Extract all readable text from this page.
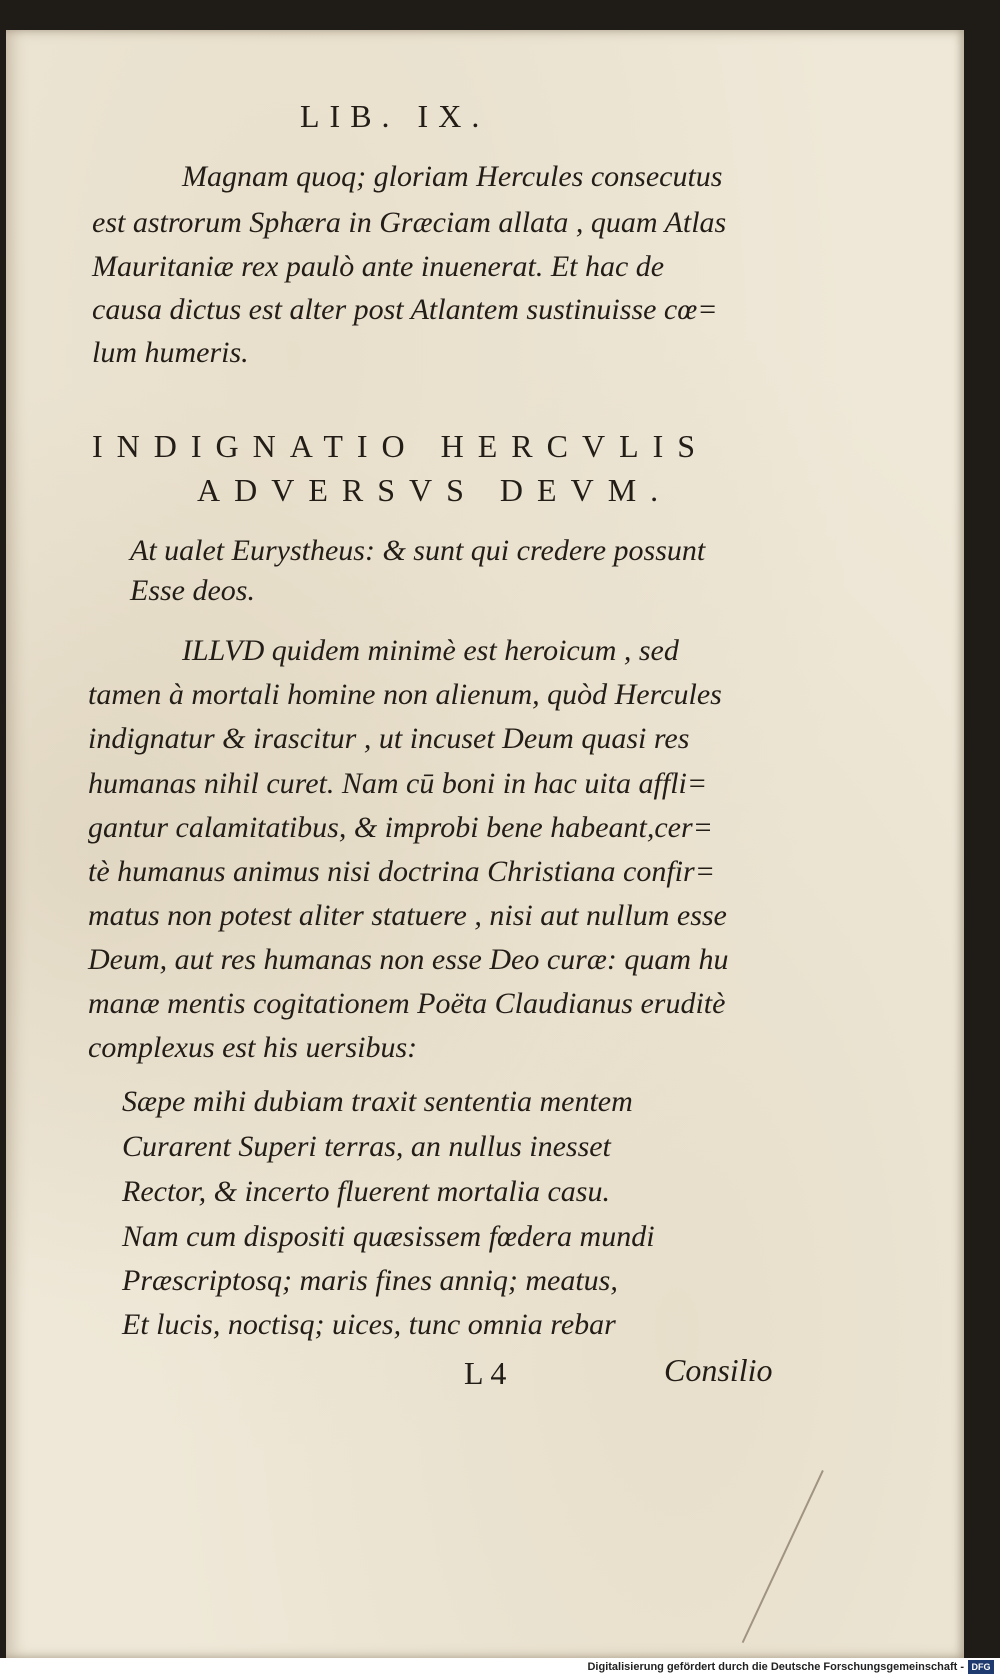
LIB. IX.
Magnam quoq; gloriam Hercules consecutus
est astrorum Sphæra in Græciam allata , quam Atlas
Mauritaniæ rex paulò ante inuenerat. Et hac de
causa dictus est alter post Atlantem sustinuisse cœ=
lum humeris.
INDIGNATIO HERCVLIS
ADVERSVS DEVM.
At ualet Eurystheus: & sunt qui credere possunt
Esse deos.
ILLVD quidem minimè est heroicum , sed
tamen à mortali homine non alienum, quòd Hercules
indignatur & irascitur , ut incuset Deum quasi res
humanas nihil curet. Nam cū boni in hac uita affli=
gantur calamitatibus, & improbi bene habeant,cer=
tè humanus animus nisi doctrina Christiana confir=
matus non potest aliter statuere , nisi aut nullum esse
Deum, aut res humanas non esse Deo curæ: quam hu
manæ mentis cogitationem Poëta Claudianus eruditè
complexus est his uersibus:
Sæpe mihi dubiam traxit sententia mentem
Curarent Superi terras, an nullus inesset
Rector, & incerto fluerent mortalia casu.
Nam cum dispositi quæsissem fœdera mundi
Præscriptosq; maris fines anniq; meatus,
Et lucis, noctisq; uices, tunc omnia rebar
L 4	Consilio
Digitalisierung gefördert durch die Deutsche Forschungsgemeinschaft - DFG
